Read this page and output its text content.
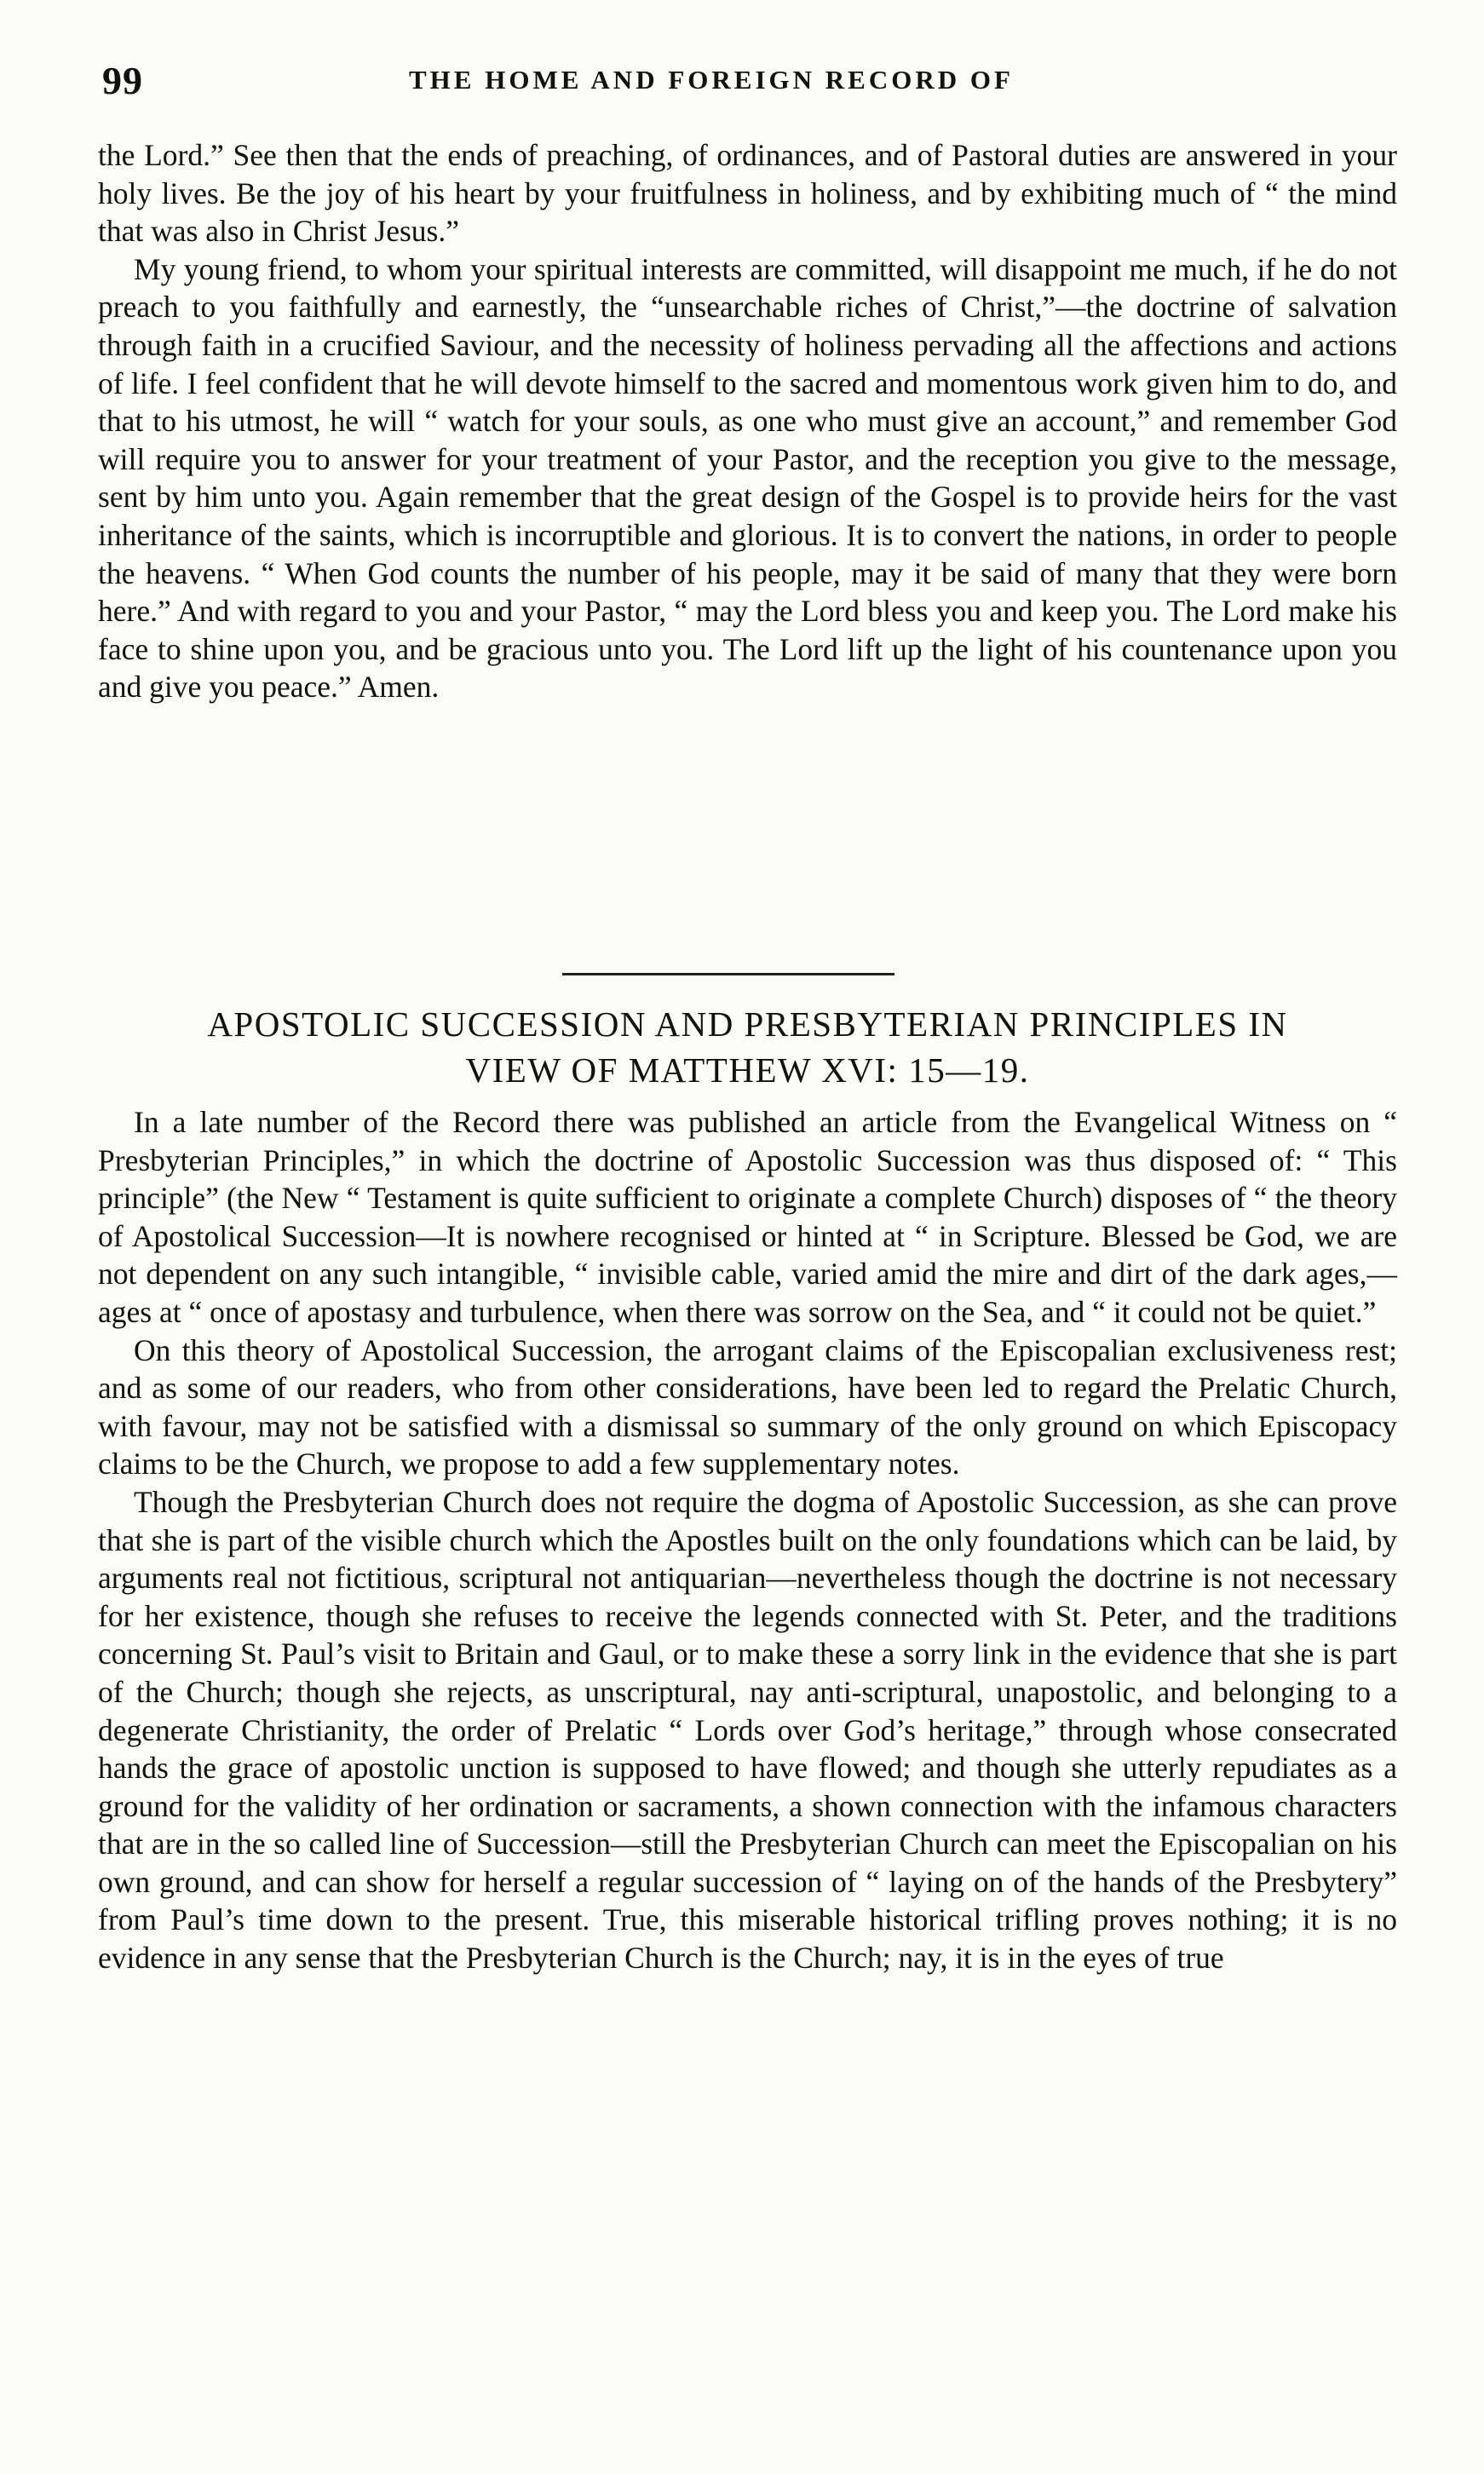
99	THE HOME AND FOREIGN RECORD OF

the Lord.” See then that the ends of preaching, of ordinances, and of Pastoral duties are answered in your holy lives. Be the joy of his heart by your fruitfulness in holiness, and by exhibiting much of “ the mind that was also in Christ Jesus.”

My young friend, to whom your spiritual interests are committed, will disappoint me much, if he do not preach to you faithfully and earnestly, the “unsearchable riches of Christ,”—the doctrine of salvation through faith in a crucified Saviour, and the necessity of holiness pervading all the affections and actions of life. I feel confident that he will devote himself to the sacred and momentous work given him to do, and that to his utmost, he will “ watch for your souls, as one who must give an account,” and remember God will require you to answer for your treatment of your Pastor, and the reception you give to the message, sent by him unto you. Again remember that the great design of the Gospel is to provide heirs for the vast inheritance of the saints, which is incorruptible and glorious. It is to convert the nations, in order to people the heavens. “ When God counts the number of his people, may it be said of many that they were born here.” And with regard to you and your Pastor, “ may the Lord bless you and keep you. The Lord make his face to shine upon you, and be gracious unto you. The Lord lift up the light of his countenance upon you and give you peace.” Amen.

APOSTOLIC SUCCESSION AND PRESBYTERIAN PRINCIPLES IN
VIEW OF MATTHEW XVI: 15—19.

In a late number of the Record there was published an article from the Evangelical Witness on “ Presbyterian Principles,” in which the doctrine of Apostolic Succession was thus disposed of: “ This principle” (the New “ Testament is quite sufficient to originate a complete Church) disposes of “ the theory of Apostolical Succession—It is nowhere recognised or hinted at “ in Scripture. Blessed be God, we are not dependent on any such intangible, “ invisible cable, varied amid the mire and dirt of the dark ages,—ages at “ once of apostasy and turbulence, when there was sorrow on the Sea, and “ it could not be quiet.”

On this theory of Apostolical Succession, the arrogant claims of the Episcopalian exclusiveness rest; and as some of our readers, who from other considerations, have been led to regard the Prelatic Church, with favour, may not be satisfied with a dismissal so summary of the only ground on which Episcopacy claims to be the Church, we propose to add a few supplementary notes.

Though the Presbyterian Church does not require the dogma of Apostolic Succession, as she can prove that she is part of the visible church which the Apostles built on the only foundations which can be laid, by arguments real not fictitious, scriptural not antiquarian—nevertheless though the doctrine is not necessary for her existence, though she refuses to receive the legends connected with St. Peter, and the traditions concerning St. Paul’s visit to Britain and Gaul, or to make these a sorry link in the evidence that she is part of the Church; though she rejects, as unscriptural, nay anti-scriptural, unapostolic, and belonging to a degenerate Christianity, the order of Prelatic “ Lords over God’s heritage,” through whose consecrated hands the grace of apostolic unction is supposed to have flowed; and though she utterly repudiates as a ground for the validity of her ordination or sacraments, a shown connection with the infamous characters that are in the so called line of Succession—still the Presbyterian Church can meet the Episcopalian on his own ground, and can show for herself a regular succession of “ laying on of the hands of the Presbytery” from Paul’s time down to the present. True, this miserable historical trifling proves nothing; it is no evidence in any sense that the Presbyterian Church is the Church; nay, it is in the eyes of true
